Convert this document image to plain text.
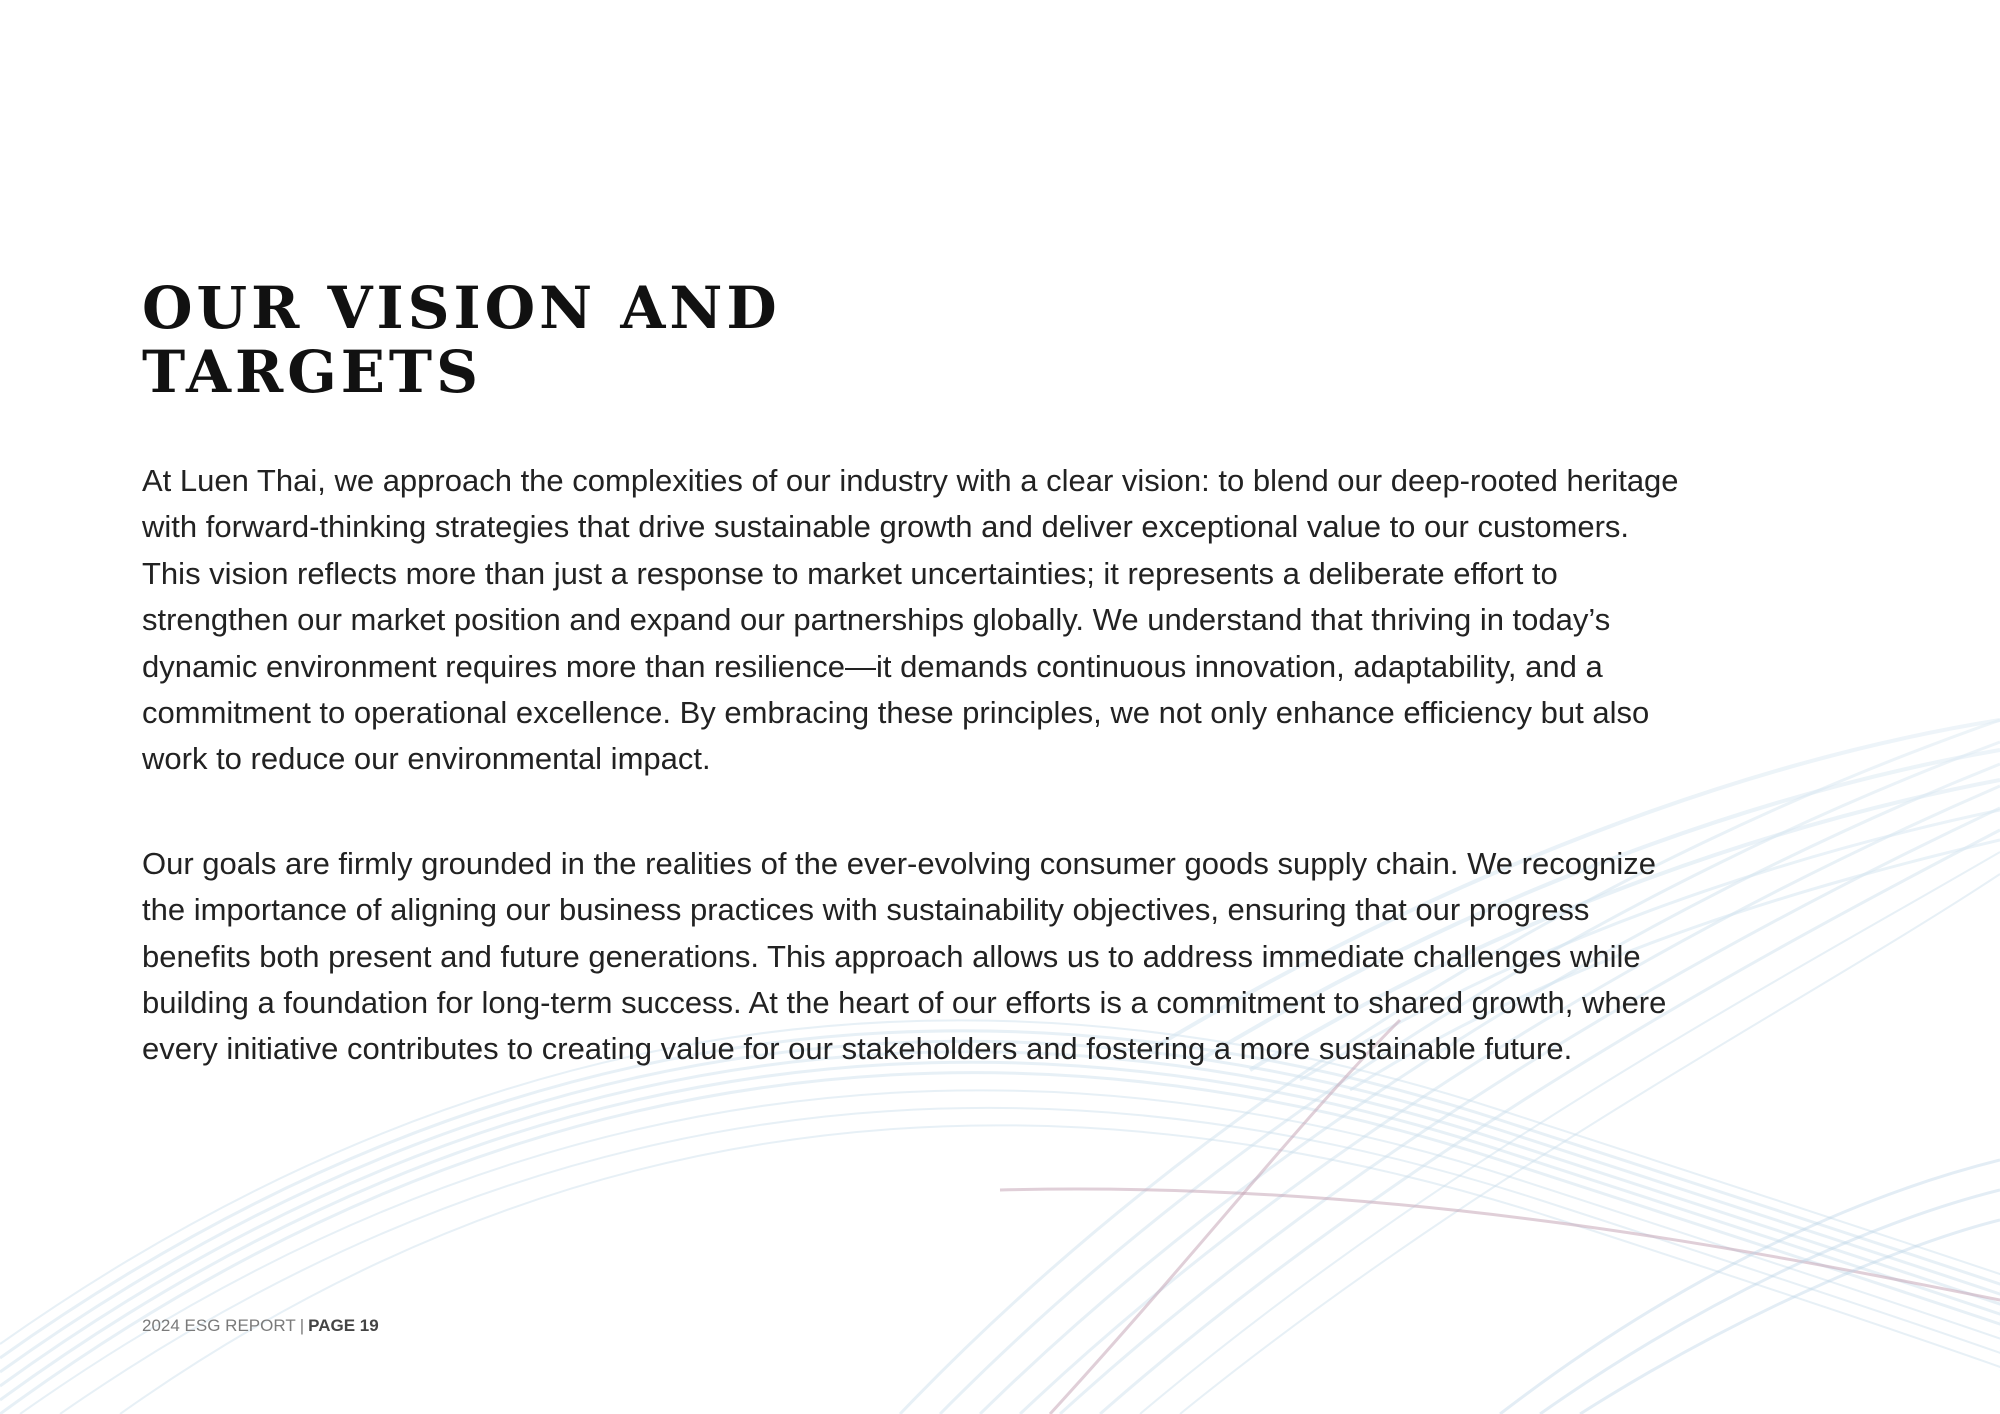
OUR VISION AND
TARGETS

At Luen Thai, we approach the complexities of our industry with a clear vision: to blend our deep-rooted heritage with forward-thinking strategies that drive sustainable growth and deliver exceptional value to our customers. This vision reflects more than just a response to market uncertainties; it represents a deliberate effort to strengthen our market position and expand our partnerships globally. We understand that thriving in today’s dynamic environment requires more than resilience—it demands continuous innovation, adaptability, and a commitment to operational excellence. By embracing these principles, we not only enhance efficiency but also work to reduce our environmental impact.

Our goals are firmly grounded in the realities of the ever-evolving consumer goods supply chain. We recognize the importance of aligning our business practices with sustainability objectives, ensuring that our progress benefits both present and future generations. This approach allows us to address immediate challenges while building a foundation for long-term success. At the heart of our efforts is a commitment to shared growth, where every initiative contributes to creating value for our stakeholders and fostering a more sustainable future.

2024 ESG REPORT | PAGE 19
